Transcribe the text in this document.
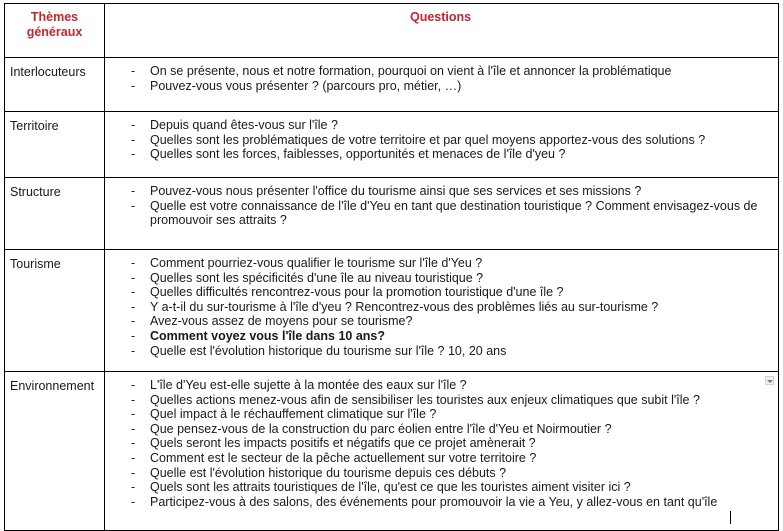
Thèmes généraux	Questions

Interlocuteurs	- On se présente, nous et notre formation, pourquoi on vient à l'île et annoncer la problématique
- Pouvez-vous vous présenter ? (parcours pro, métier, …)

Territoire	- Depuis quand êtes-vous sur l'île ?
- Quelles sont les problématiques de votre territoire et par quel moyens apportez-vous des solutions ?
- Quelles sont les forces, faiblesses, opportunités et menaces de l'île d'yeu ?

Structure	- Pouvez-vous nous présenter l'office du tourisme ainsi que ses services et ses missions ?
- Quelle est votre connaissance de l'île d'Yeu en tant que destination touristique ? Comment envisagez-vous de promouvoir ses attraits ?

Tourisme	- Comment pourriez-vous qualifier le tourisme sur l'île d'Yeu ?
- Quelles sont les spécificités d'une île au niveau touristique ?
- Quelles difficultés rencontrez-vous pour la promotion touristique d'une île ?
- Y a-t-il du sur-tourisme à l'île d'yeu ? Rencontrez-vous des problèmes liés au sur-tourisme ?
- Avez-vous assez de moyens pour se tourisme?
- Comment voyez vous l'île dans 10 ans?
- Quelle est l'évolution historique du tourisme sur l'île ? 10, 20 ans

Environnement	- L'île d'Yeu est-elle sujette à la montée des eaux sur l'île ?
- Quelles actions menez-vous afin de sensibiliser les touristes aux enjeux climatiques que subit l'île ?
- Quel impact à le réchauffement climatique sur l'île ?
- Que pensez-vous de la construction du parc éolien entre l'île d'Yeu et Noirmoutier ?
- Quels seront les impacts positifs et négatifs que ce projet amènerait ?
- Comment est le secteur de la pêche actuellement sur votre territoire ?
- Quelle est l'évolution historique du tourisme depuis ces débuts ?
- Quels sont les attraits touristiques de l'île, qu'est ce que les touristes aiment visiter ici ?
- Participez-vous à des salons, des événements pour promouvoir la vie a Yeu, y allez-vous en tant qu'île
